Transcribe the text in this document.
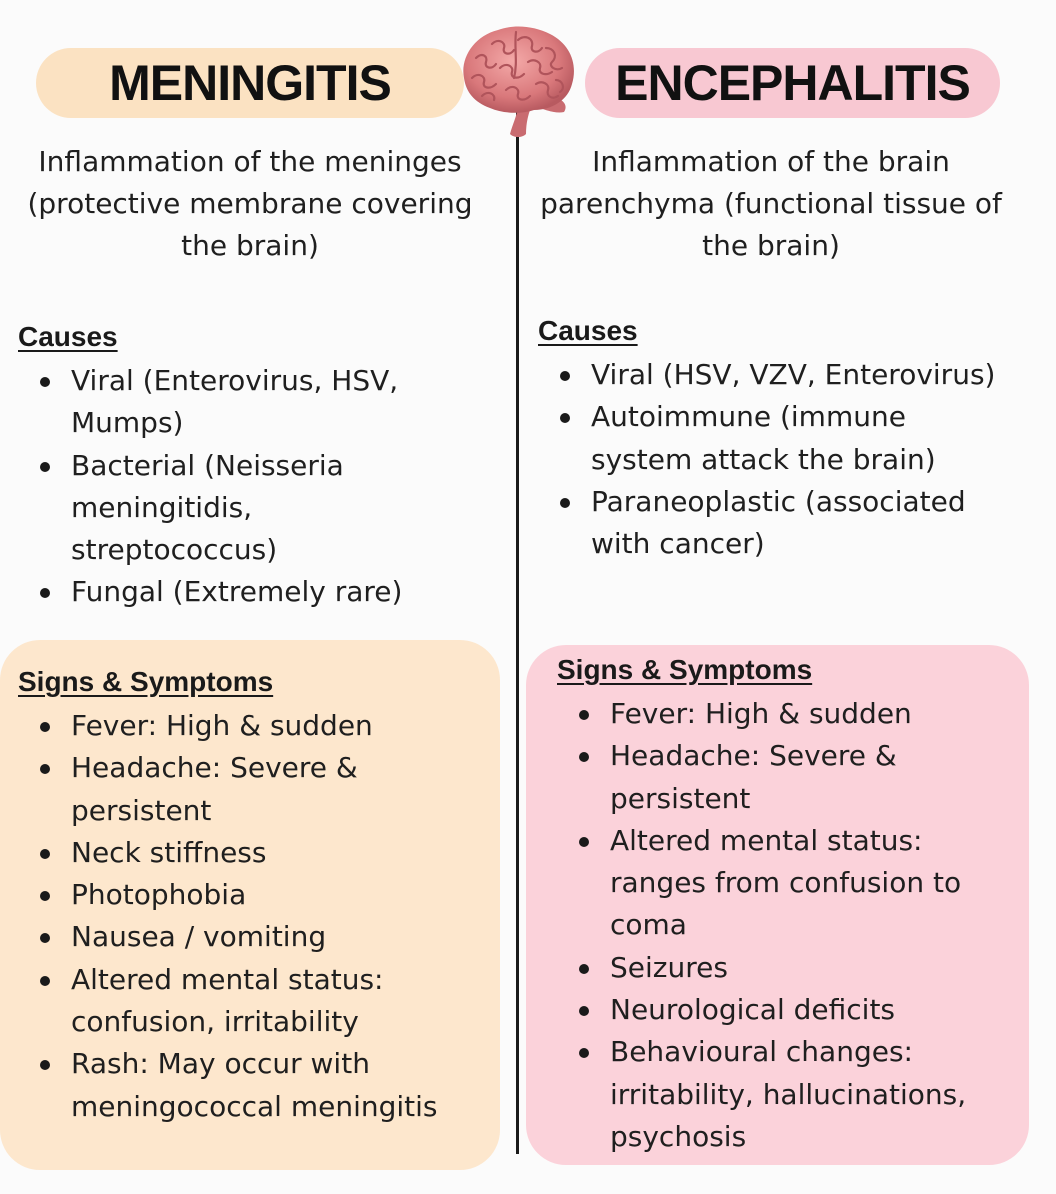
MENINGITIS	ENCEPHALITIS
Inflammation of the meninges (protective membrane covering the brain)
Inflammation of the brain parenchyma (functional tissue of the brain)
Causes
Viral (Enterovirus, HSV, Mumps)
Bacterial (Neisseria meningitidis, streptococcus)
Fungal (Extremely rare)
Causes
Viral (HSV, VZV, Enterovirus)
Autoimmune (immune system attack the brain)
Paraneoplastic (associated with cancer)
Signs & Symptoms
Fever: High & sudden
Headache: Severe & persistent
Neck stiffness
Photophobia
Nausea / vomiting
Altered mental status: confusion, irritability
Rash: May occur with meningococcal meningitis
Signs & Symptoms
Fever: High & sudden
Headache: Severe & persistent
Altered mental status: ranges from confusion to coma
Seizures
Neurological deficits
Behavioural changes: irritability, hallucinations, psychosis
